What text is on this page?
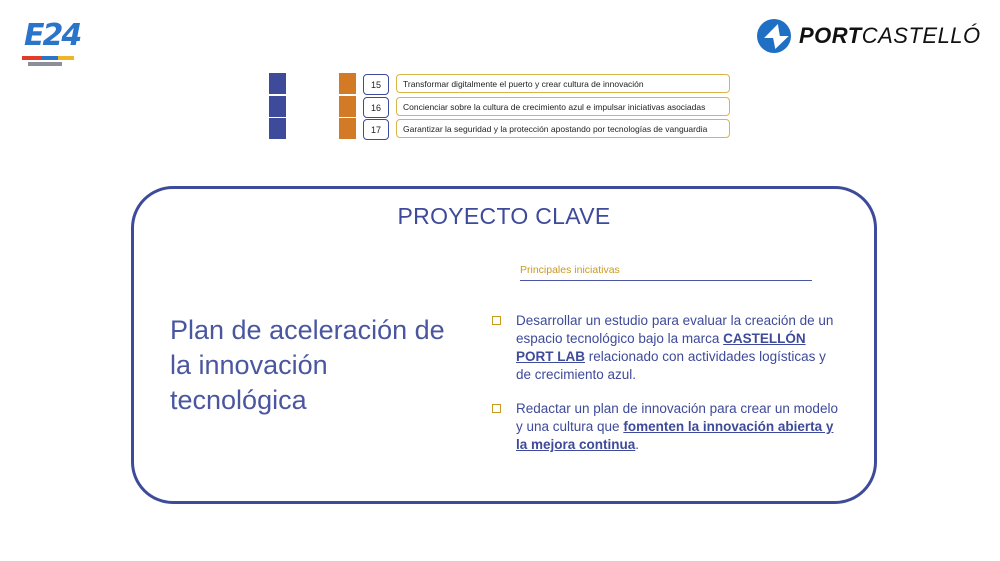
E24	PORTCASTELLÓ
15	Transformar digitalmente el puerto y crear cultura de innovación
16	Concienciar sobre la cultura de crecimiento azul e impulsar iniciativas asociadas
17	Garantizar la seguridad y la protección apostando por tecnologías de vanguardia
PROYECTO CLAVE
Plan de aceleración de la innovación tecnológica
Principales iniciativas
Desarrollar un estudio para evaluar la creación de un espacio tecnológico bajo la marca CASTELLÓN PORT LAB relacionado con actividades logísticas y de crecimiento azul.
Redactar un plan de innovación para crear un modelo y una cultura que fomenten la innovación abierta y la mejora continua.
